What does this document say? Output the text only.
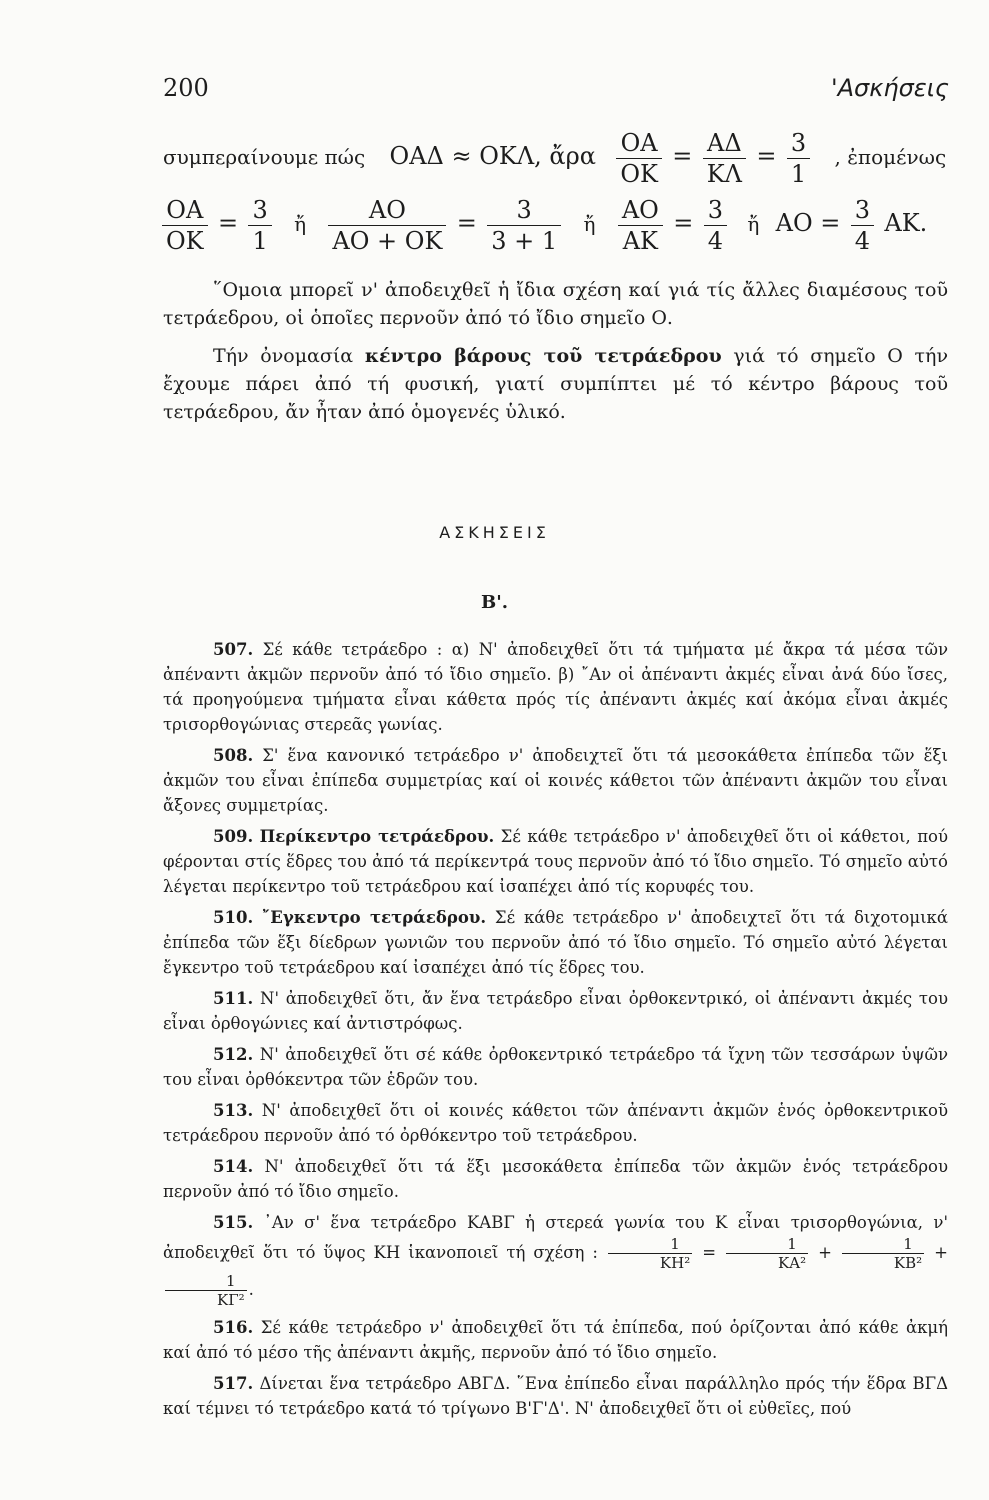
200	'Ασκήσεις
συμπεραίνουμε πώς ΟΑΔ ≈ ΟΚΛ, ἄρα $\frac{OA}{OK} = \frac{A\Delta}{K\Lambda} = \frac{3}{1}$ , ἐπομένως
$\frac{OA}{OK} = \frac{3}{1}$ ἤ $\frac{AO}{AO + OK} = \frac{3}{3 + 1}$ ἤ $\frac{AO}{AK} = \frac{3}{4}$ ἤ $AO = \frac{3}{4} AK$.

῞Ομοια μπορεῖ ν' ἀποδειχθεῖ ἡ ἴδια σχέση καί γιά τίς ἄλλες διαμέσους τοῦ τετράεδρου, οἱ ὁποῖες περνοῦν ἀπό τό ἴδιο σημεῖο Ο.

Τήν ὀνομασία κέντρο βάρους τοῦ τετράεδρου γιά τό σημεῖο Ο τήν ἔχουμε πάρει ἀπό τή φυσική, γιατί συμπίπτει μέ τό κέντρο βάρους τοῦ τετράεδρου, ἄν ἦταν ἀπό ὁμογενές ὑλικό.

ΑΣΚΗΣΕΙΣ
Β'.

507. Σέ κάθε τετράεδρο : α) Ν' ἀποδειχθεῖ ὅτι τά τμήματα μέ ἄκρα τά μέσα τῶν ἀπέναντι ἀκμῶν περνοῦν ἀπό τό ἴδιο σημεῖο. β) ῎Αν οἱ ἀπέναντι ἀκμές εἶναι ἀνά δύο ἴσες, τά προηγούμενα τμήματα εἶναι κάθετα πρός τίς ἀπέναντι ἀκμές καί ἀκόμα εἶναι ἀκμές τρισορθογώνιας στερεᾶς γωνίας.

508. Σ' ἕνα κανονικό τετράεδρο ν' ἀποδειχτεῖ ὅτι τά μεσοκάθετα ἐπίπεδα τῶν ἕξι ἀκμῶν του εἶναι ἐπίπεδα συμμετρίας καί οἱ κοινές κάθετοι τῶν ἀπέναντι ἀκμῶν του εἶναι ἄξονες συμμετρίας.

509. Περίκεντρο τετράεδρου. Σέ κάθε τετράεδρο ν' ἀποδειχθεῖ ὅτι οἱ κάθετοι, πού φέρονται στίς ἕδρες του ἀπό τά περίκεντρά τους περνοῦν ἀπό τό ἴδιο σημεῖο. Τό σημεῖο αὐτό λέγεται περίκεντρο τοῦ τετράεδρου καί ἰσαπέχει ἀπό τίς κορυφές του.

510. ῎Εγκεντρο τετράεδρου. Σέ κάθε τετράεδρο ν' ἀποδειχτεῖ ὅτι τά διχοτομικά ἐπίπεδα τῶν ἕξι δίεδρων γωνιῶν του περνοῦν ἀπό τό ἴδιο σημεῖο. Τό σημεῖο αὐτό λέγεται ἔγκεντρο τοῦ τετράεδρου καί ἰσαπέχει ἀπό τίς ἕδρες του.

511. Ν' ἀποδειχθεῖ ὅτι, ἄν ἕνα τετράεδρο εἶναι ὀρθοκεντρικό, οἱ ἀπέναντι ἀκμές του εἶναι ὀρθογώνιες καί ἀντιστρόφως.

512. Ν' ἀποδειχθεῖ ὅτι σέ κάθε ὀρθοκεντρικό τετράεδρο τά ἴχνη τῶν τεσσάρων ὑψῶν του εἶναι ὀρθόκεντρα τῶν ἑδρῶν του.

513. Ν' ἀποδειχθεῖ ὅτι οἱ κοινές κάθετοι τῶν ἀπέναντι ἀκμῶν ἑνός ὀρθοκεντρικοῦ τετράεδρου περνοῦν ἀπό τό ὀρθόκεντρο τοῦ τετράεδρου.

514. Ν' ἀποδειχθεῖ ὅτι τά ἕξι μεσοκάθετα ἐπίπεδα τῶν ἀκμῶν ἑνός τετράεδρου περνοῦν ἀπό τό ἴδιο σημεῖο.

515. ᾽Αν σ' ἕνα τετράεδρο ΚΑΒΓ ἡ στερεά γωνία του Κ εἶναι τρισορθογώνια, ν' ἀποδειχθεῖ ὅτι τό ὕψος ΚΗ ἱκανοποιεῖ τή σχέση : $\frac{1}{\text{ΚΗ²}} = \frac{1}{\text{ΚΑ²}} + \frac{1}{\text{ΚΒ²}}$ +
$\frac{1}{\text{ΚΓ²}}$ .

516. Σέ κάθε τετράεδρο ν' ἀποδειχθεῖ ὅτι τά ἐπίπεδα, πού ὁρίζονται ἀπό κάθε ἀκμή καί ἀπό τό μέσο τῆς ἀπέναντι ἀκμῆς, περνοῦν ἀπό τό ἴδιο σημεῖο.

517. Δίνεται ἕνα τετράεδρο ΑΒΓΔ. ῞Ενα ἐπίπεδο εἶναι παράλληλο πρός τήν ἕδρα ΒΓΔ καί τέμνει τό τετράεδρο κατά τό τρίγωνο Β'Γ'Δ'. Ν' ἀποδειχθεῖ ὅτι οἱ εὐθεῖες, πού
